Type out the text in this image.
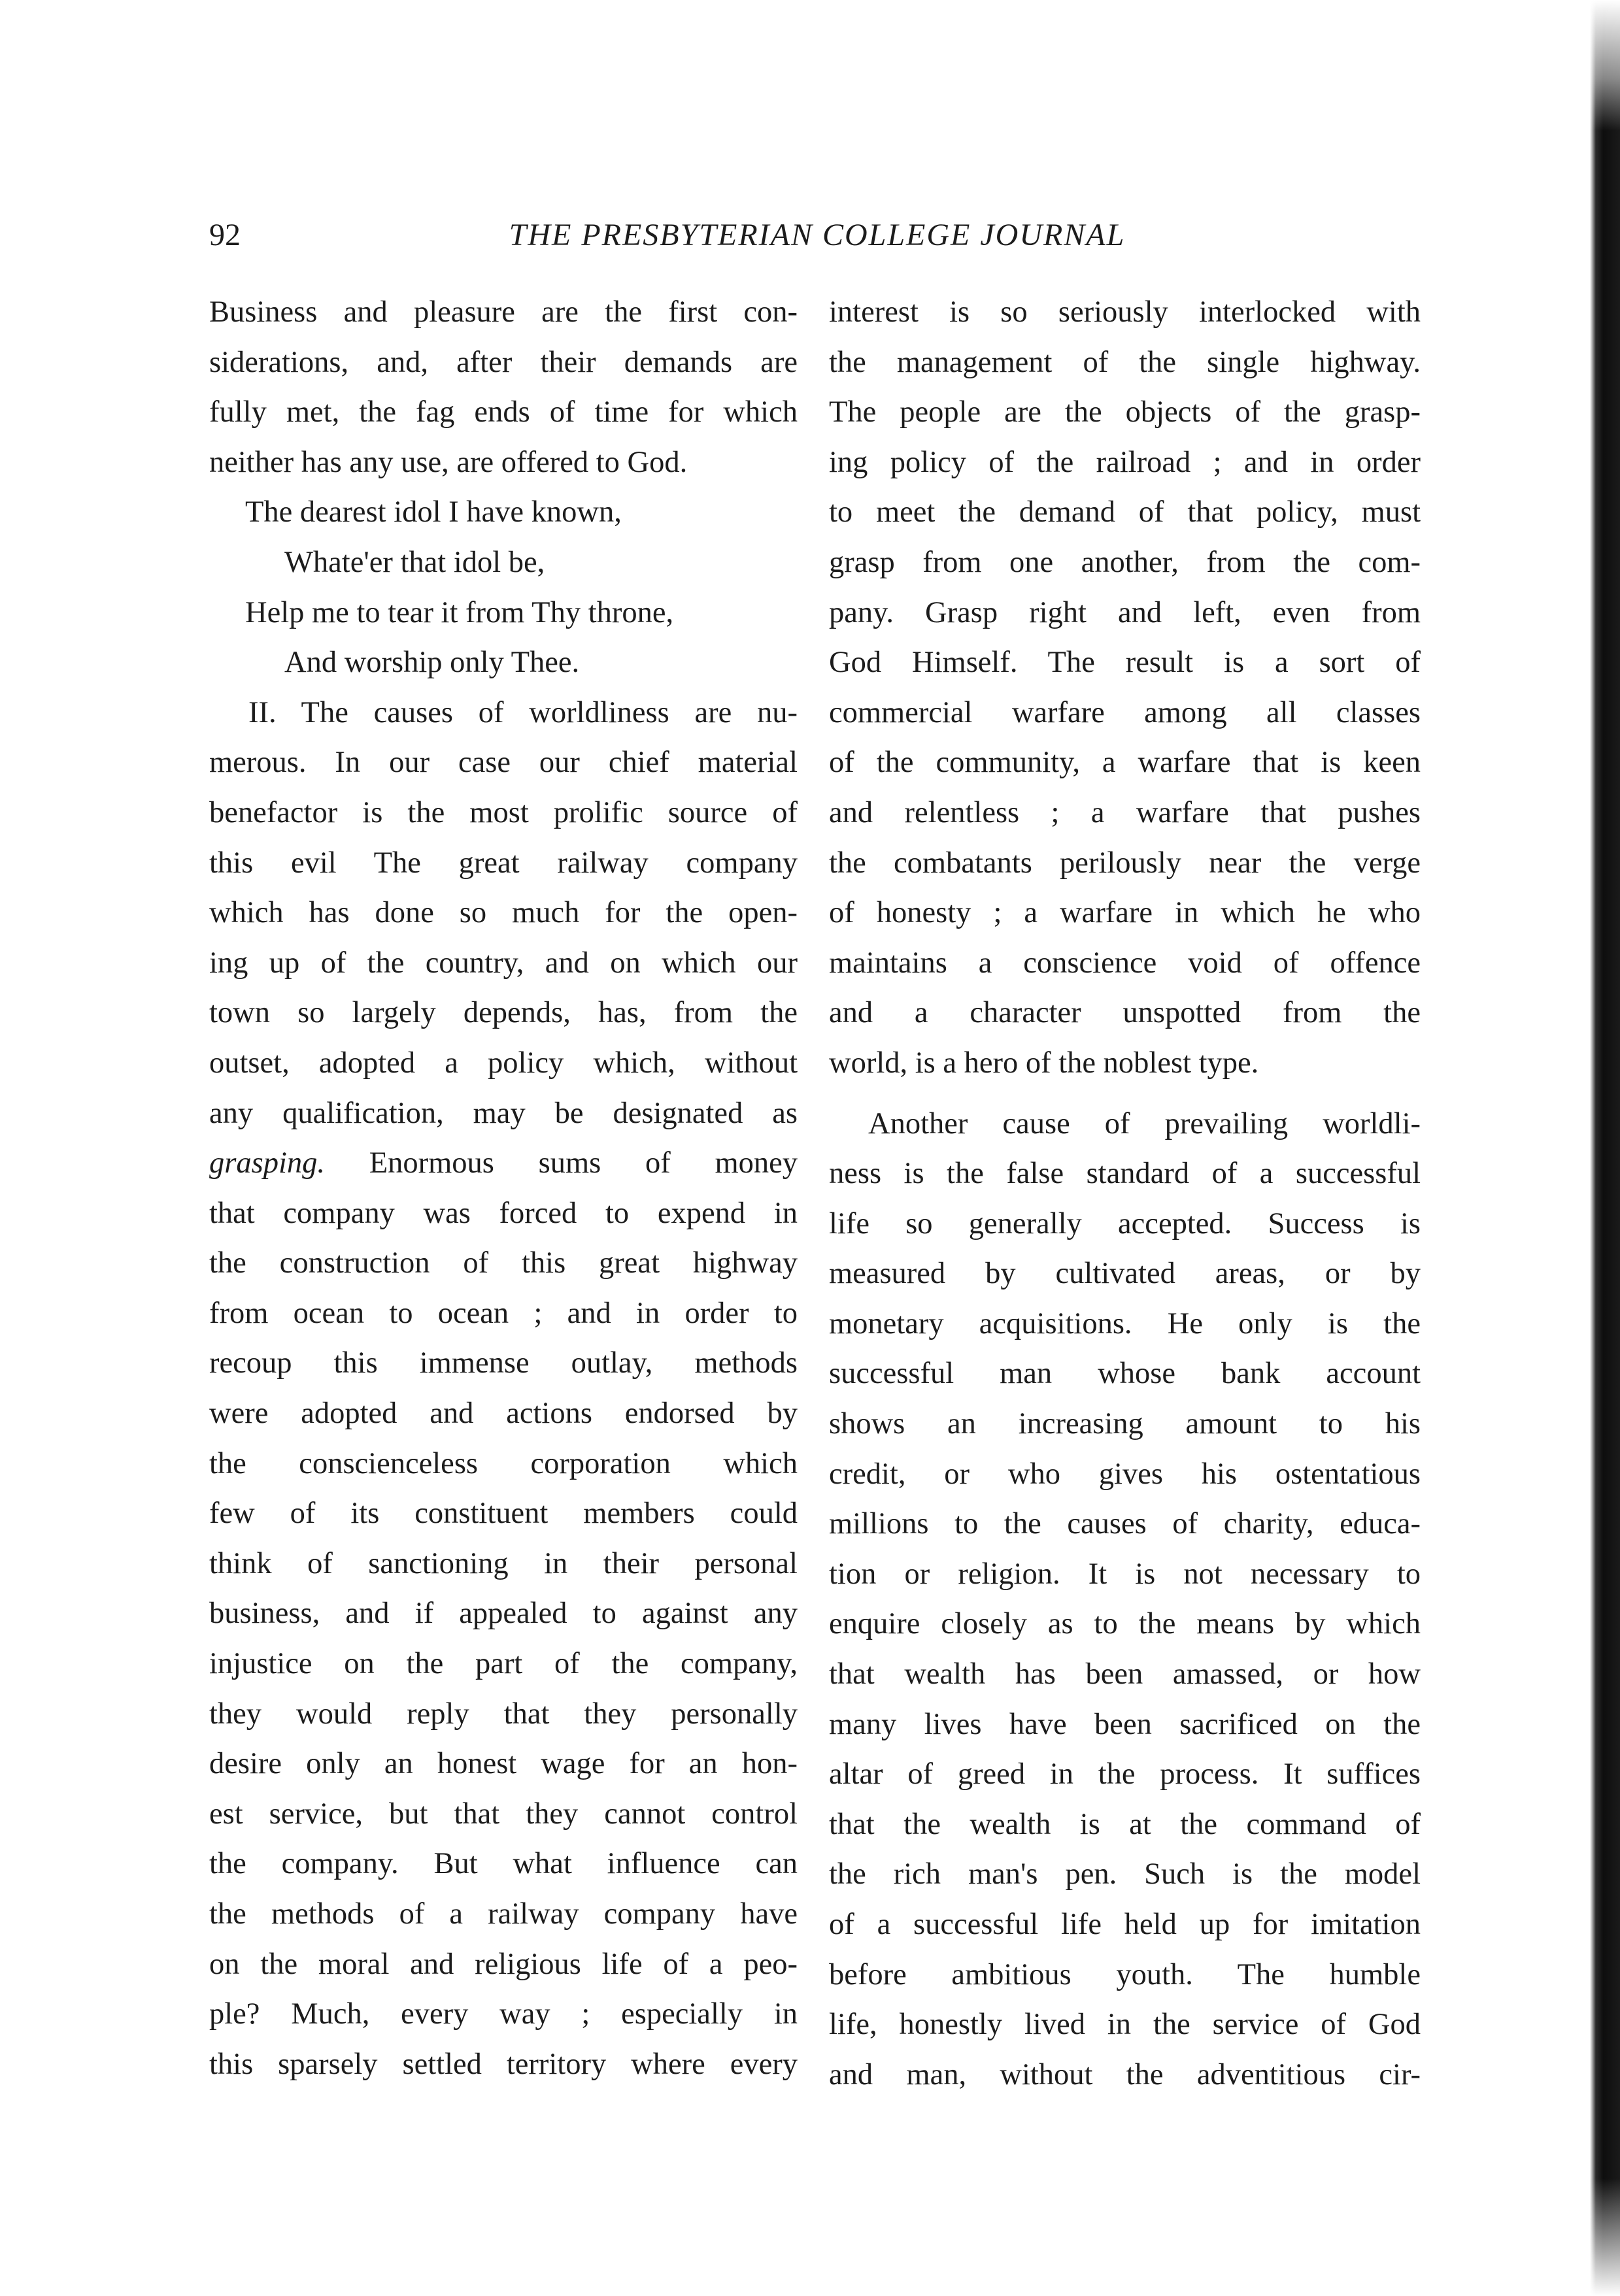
92	THE PRESBYTERIAN COLLEGE JOURNAL
Business and pleasure are the first con-
siderations, and, after their demands are
fully met, the fag ends of time for which
neither has any use, are offered to God.
The dearest idol I have known,
Whate'er that idol be,
Help me to tear it from Thy throne,
And worship only Thee.
II. The causes of worldliness are nu-
merous. In our case our chief material
benefactor is the most prolific source of
this evil The great railway company
which has done so much for the open-
ing up of the country, and on which our
town so largely depends, has, from the
outset, adopted a policy which, without
any qualification, may be designated as
grasping. Enormous sums of money
that company was forced to expend in
the construction of this great highway
from ocean to ocean ; and in order to
recoup this immense outlay, methods
were adopted and actions endorsed by
the conscienceless corporation which
few of its constituent members could
think of sanctioning in their personal
business, and if appealed to against any
injustice on the part of the company,
they would reply that they personally
desire only an honest wage for an hon-
est service, but that they cannot control
the company. But what influence can
the methods of a railway company have
on the moral and religious life of a peo-
ple? Much, every way ; especially in
this sparsely settled territory where every
interest is so seriously interlocked with
the management of the single highway.
The people are the objects of the grasp-
ing policy of the railroad ; and in order
to meet the demand of that policy, must
grasp from one another, from the com-
pany. Grasp right and left, even from
God Himself. The result is a sort of
commercial warfare among all classes
of the community, a warfare that is keen
and relentless ; a warfare that pushes
the combatants perilously near the verge
of honesty ; a warfare in which he who
maintains a conscience void of offence
and a character unspotted from the
world, is a hero of the noblest type.
Another cause of prevailing worldli-
ness is the false standard of a successful
life so generally accepted. Success is
measured by cultivated areas, or by
monetary acquisitions. He only is the
successful man whose bank account
shows an increasing amount to his
credit, or who gives his ostentatious
millions to the causes of charity, educa-
tion or religion. It is not necessary to
enquire closely as to the means by which
that wealth has been amassed, or how
many lives have been sacrificed on the
altar of greed in the process. It suffices
that the wealth is at the command of
the rich man's pen. Such is the model
of a successful life held up for imitation
before ambitious youth. The humble
life, honestly lived in the service of God
and man, without the adventitious cir-
